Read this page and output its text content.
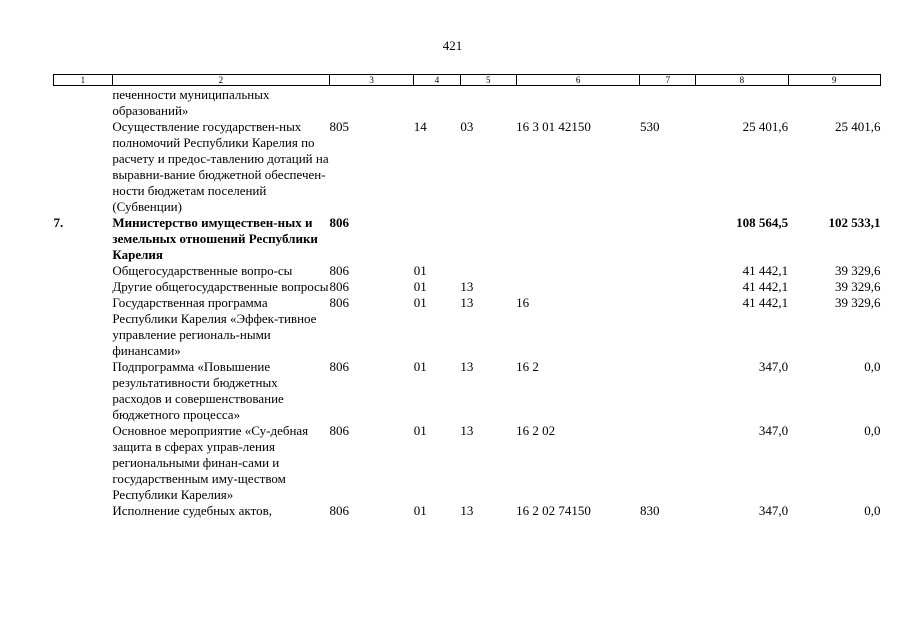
421
1	2	3	4	5	6	7	8	9
	печенности муниципальных образований»							
	Осуществление государствен-ных полномочий Республики Карелия по расчету и предос-тавлению дотаций на выравни-вание бюджетной обеспечен-ности бюджетам поселений (Субвенции)	805	14	03	16 3 01 42150	530	25 401,6	25 401,6
7.	Министерство имуществен-ных и земельных отношений Республики Карелия	806					108 564,5	102 533,1
	Общегосударственные вопро-сы	806	01				41 442,1	39 329,6
	Другие общегосударственные вопросы	806	01	13			41 442,1	39 329,6
	Государственная программа Республики Карелия «Эффек-тивное управление региональ-ными финансами»	806	01	13	16		41 442,1	39 329,6
	Подпрограмма «Повышение результативности бюджетных расходов и совершенствование бюджетного процесса»	806	01	13	16 2		347,0	0,0
	Основное мероприятие «Су-дебная защита в сферах управ-ления региональными финан-сами и государственным иму-ществом Республики Карелия»	806	01	13	16 2 02		347,0	0,0
	Исполнение судебных актов,	806	01	13	16 2 02 74150	830	347,0	0,0
